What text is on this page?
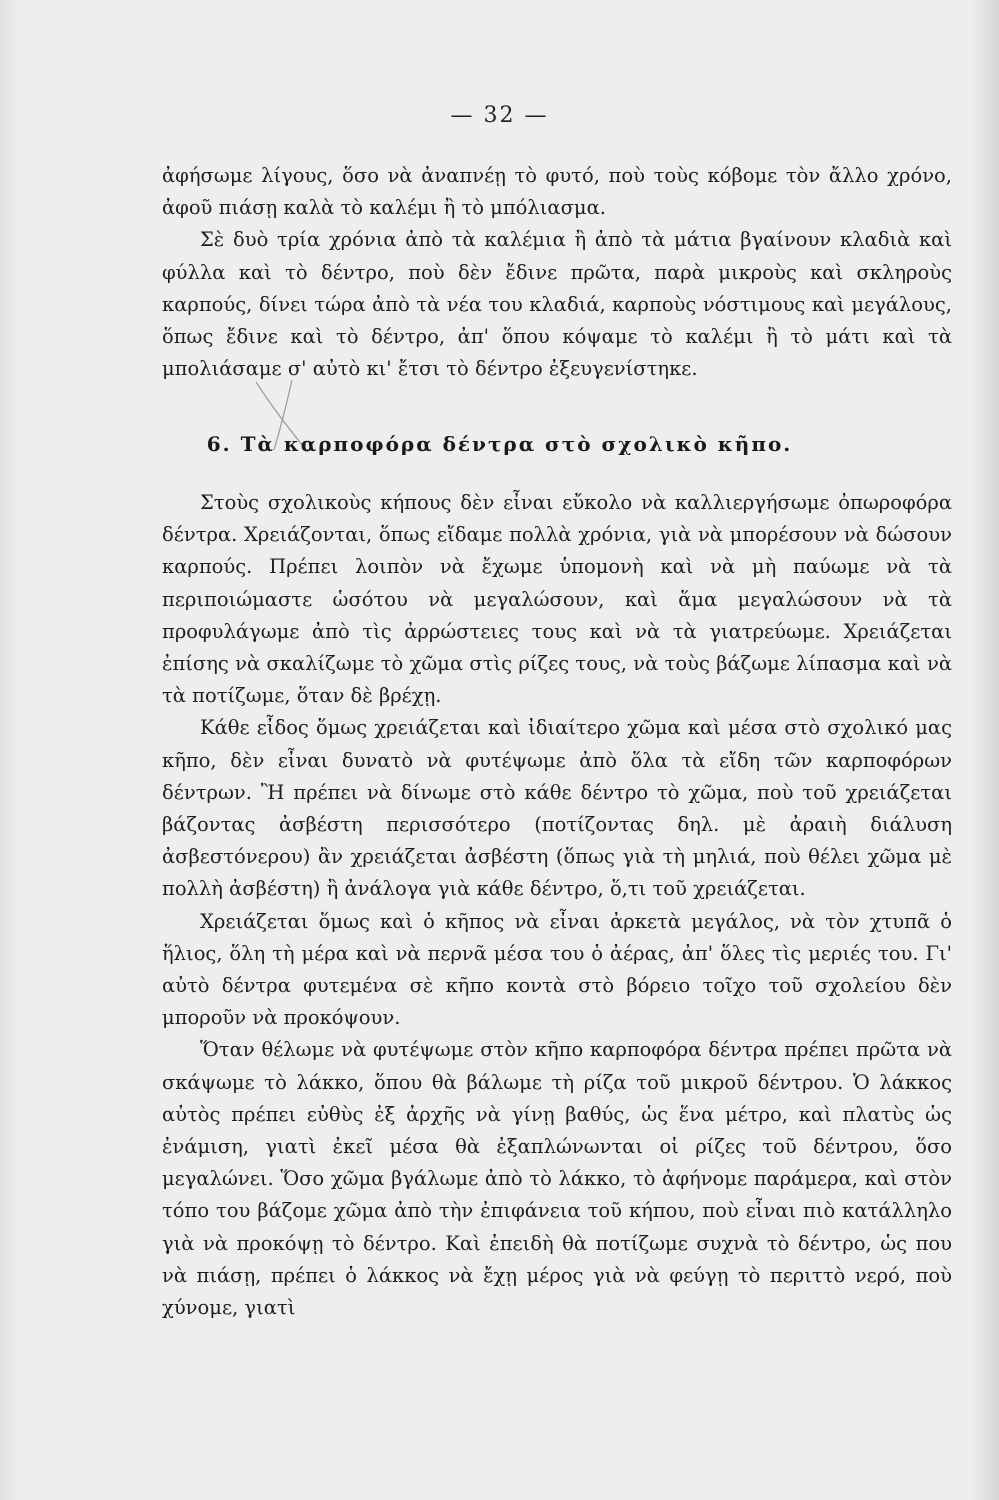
— 32 —

ἀφήσωμε λίγους, ὅσο νὰ ἀναπνέῃ τὸ φυτό, ποὺ τοὺς κόβομε τὸν ἄλλο χρόνο, ἀφοῦ πιάσῃ καλὰ τὸ καλέμι ἢ τὸ μπόλιασμα.

Σὲ δυὸ τρία χρόνια ἀπὸ τὰ καλέμια ἢ ἀπὸ τὰ μάτια βγαίνουν κλαδιὰ καὶ φύλλα καὶ τὸ δέντρο, ποὺ δὲν ἔδινε πρῶτα, παρὰ μικροὺς καὶ σκληροὺς καρπούς, δίνει τώρα ἀπὸ τὰ νέα του κλαδιά, καρποὺς νόστιμους καὶ μεγάλους, ὅπως ἔδινε καὶ τὸ δέντρο, ἀπ' ὅπου κόψαμε τὸ καλέμι ἢ τὸ μάτι καὶ τὰ μπολιάσαμε σ' αὐτὸ κι' ἔτσι τὸ δέντρο ἐξευγενίστηκε.

6. Τὰ καρποφόρα δέντρα στὸ σχολικὸ κῆπο.

Στοὺς σχολικοὺς κήπους δὲν εἶναι εὔκολο νὰ καλλιεργήσωμε ὀπωροφόρα δέντρα. Χρειάζονται, ὅπως εἴδαμε πολλὰ χρόνια, γιὰ νὰ μπορέσουν νὰ δώσουν καρπούς. Πρέπει λοιπὸν νὰ ἔχωμε ὑπομονὴ καὶ νὰ μὴ παύωμε νὰ τὰ περιποιώμαστε ὡσότου νὰ μεγαλώσουν, καὶ ἅμα μεγαλώσουν νὰ τὰ προφυλάγωμε ἀπὸ τὶς ἀρρώστειες τους καὶ νὰ τὰ γιατρεύωμε. Χρειάζεται ἐπίσης νὰ σκαλίζωμε τὸ χῶμα στὶς ρίζες τους, νὰ τοὺς βάζωμε λίπασμα καὶ νὰ τὰ ποτίζωμε, ὅταν δὲ βρέχῃ.

Κάθε εἶδος ὅμως χρειάζεται καὶ ἰδιαίτερο χῶμα καὶ μέσα στὸ σχολικό μας κῆπο, δὲν εἶναι δυνατὸ νὰ φυτέψωμε ἀπὸ ὅλα τὰ εἴδη τῶν καρποφόρων δέντρων. Ἢ πρέπει νὰ δίνωμε στὸ κάθε δέντρο τὸ χῶμα, ποὺ τοῦ χρειάζεται βάζοντας ἀσβέστη περισσότερο (ποτίζοντας δηλ. μὲ ἀραιὴ διάλυση ἀσβεστόνερου) ἂν χρειάζεται ἀσβέστη (ὅπως γιὰ τὴ μηλιά, ποὺ θέλει χῶμα μὲ πολλὴ ἀσβέστη) ἢ ἀνάλογα γιὰ κάθε δέντρο, ὅ,τι τοῦ χρειάζεται.

Χρειάζεται ὅμως καὶ ὁ κῆπος νὰ εἶναι ἀρκετὰ μεγάλος, νὰ τὸν χτυπᾶ ὁ ἥλιος, ὅλη τὴ μέρα καὶ νὰ περνᾶ μέσα του ὁ ἀέρας, ἀπ' ὅλες τὶς μεριές του. Γι' αὐτὸ δέντρα φυτεμένα σὲ κῆπο κοντὰ στὸ βόρειο τοῖχο τοῦ σχολείου δὲν μποροῦν νὰ προκόψουν.

Ὅταν θέλωμε νὰ φυτέψωμε στὸν κῆπο καρποφόρα δέντρα πρέπει πρῶτα νὰ σκάψωμε τὸ λάκκο, ὅπου θὰ βάλωμε τὴ ρίζα τοῦ μικροῦ δέντρου. Ὁ λάκκος αὐτὸς πρέπει εὐθὺς ἐξ ἀρχῆς νὰ γίνῃ βαθύς, ὡς ἕνα μέτρο, καὶ πλατὺς ὡς ἐνάμιση, γιατὶ ἐκεῖ μέσα θὰ ἐξαπλώνωνται οἱ ρίζες τοῦ δέντρου, ὅσο μεγαλώνει. Ὅσο χῶμα βγάλωμε ἀπὸ τὸ λάκκο, τὸ ἀφήνομε παράμερα, καὶ στὸν τόπο του βάζομε χῶμα ἀπὸ τὴν ἐπιφάνεια τοῦ κήπου, ποὺ εἶναι πιὸ κατάλληλο γιὰ νὰ προκόψῃ τὸ δέντρο. Καὶ ἐπειδὴ θὰ ποτίζωμε συχνὰ τὸ δέντρο, ὡς που νὰ πιάσῃ, πρέπει ὁ λάκκος νὰ ἔχῃ μέρος γιὰ νὰ φεύγῃ τὸ περιττὸ νερό, ποὺ χύνομε, γιατὶ
